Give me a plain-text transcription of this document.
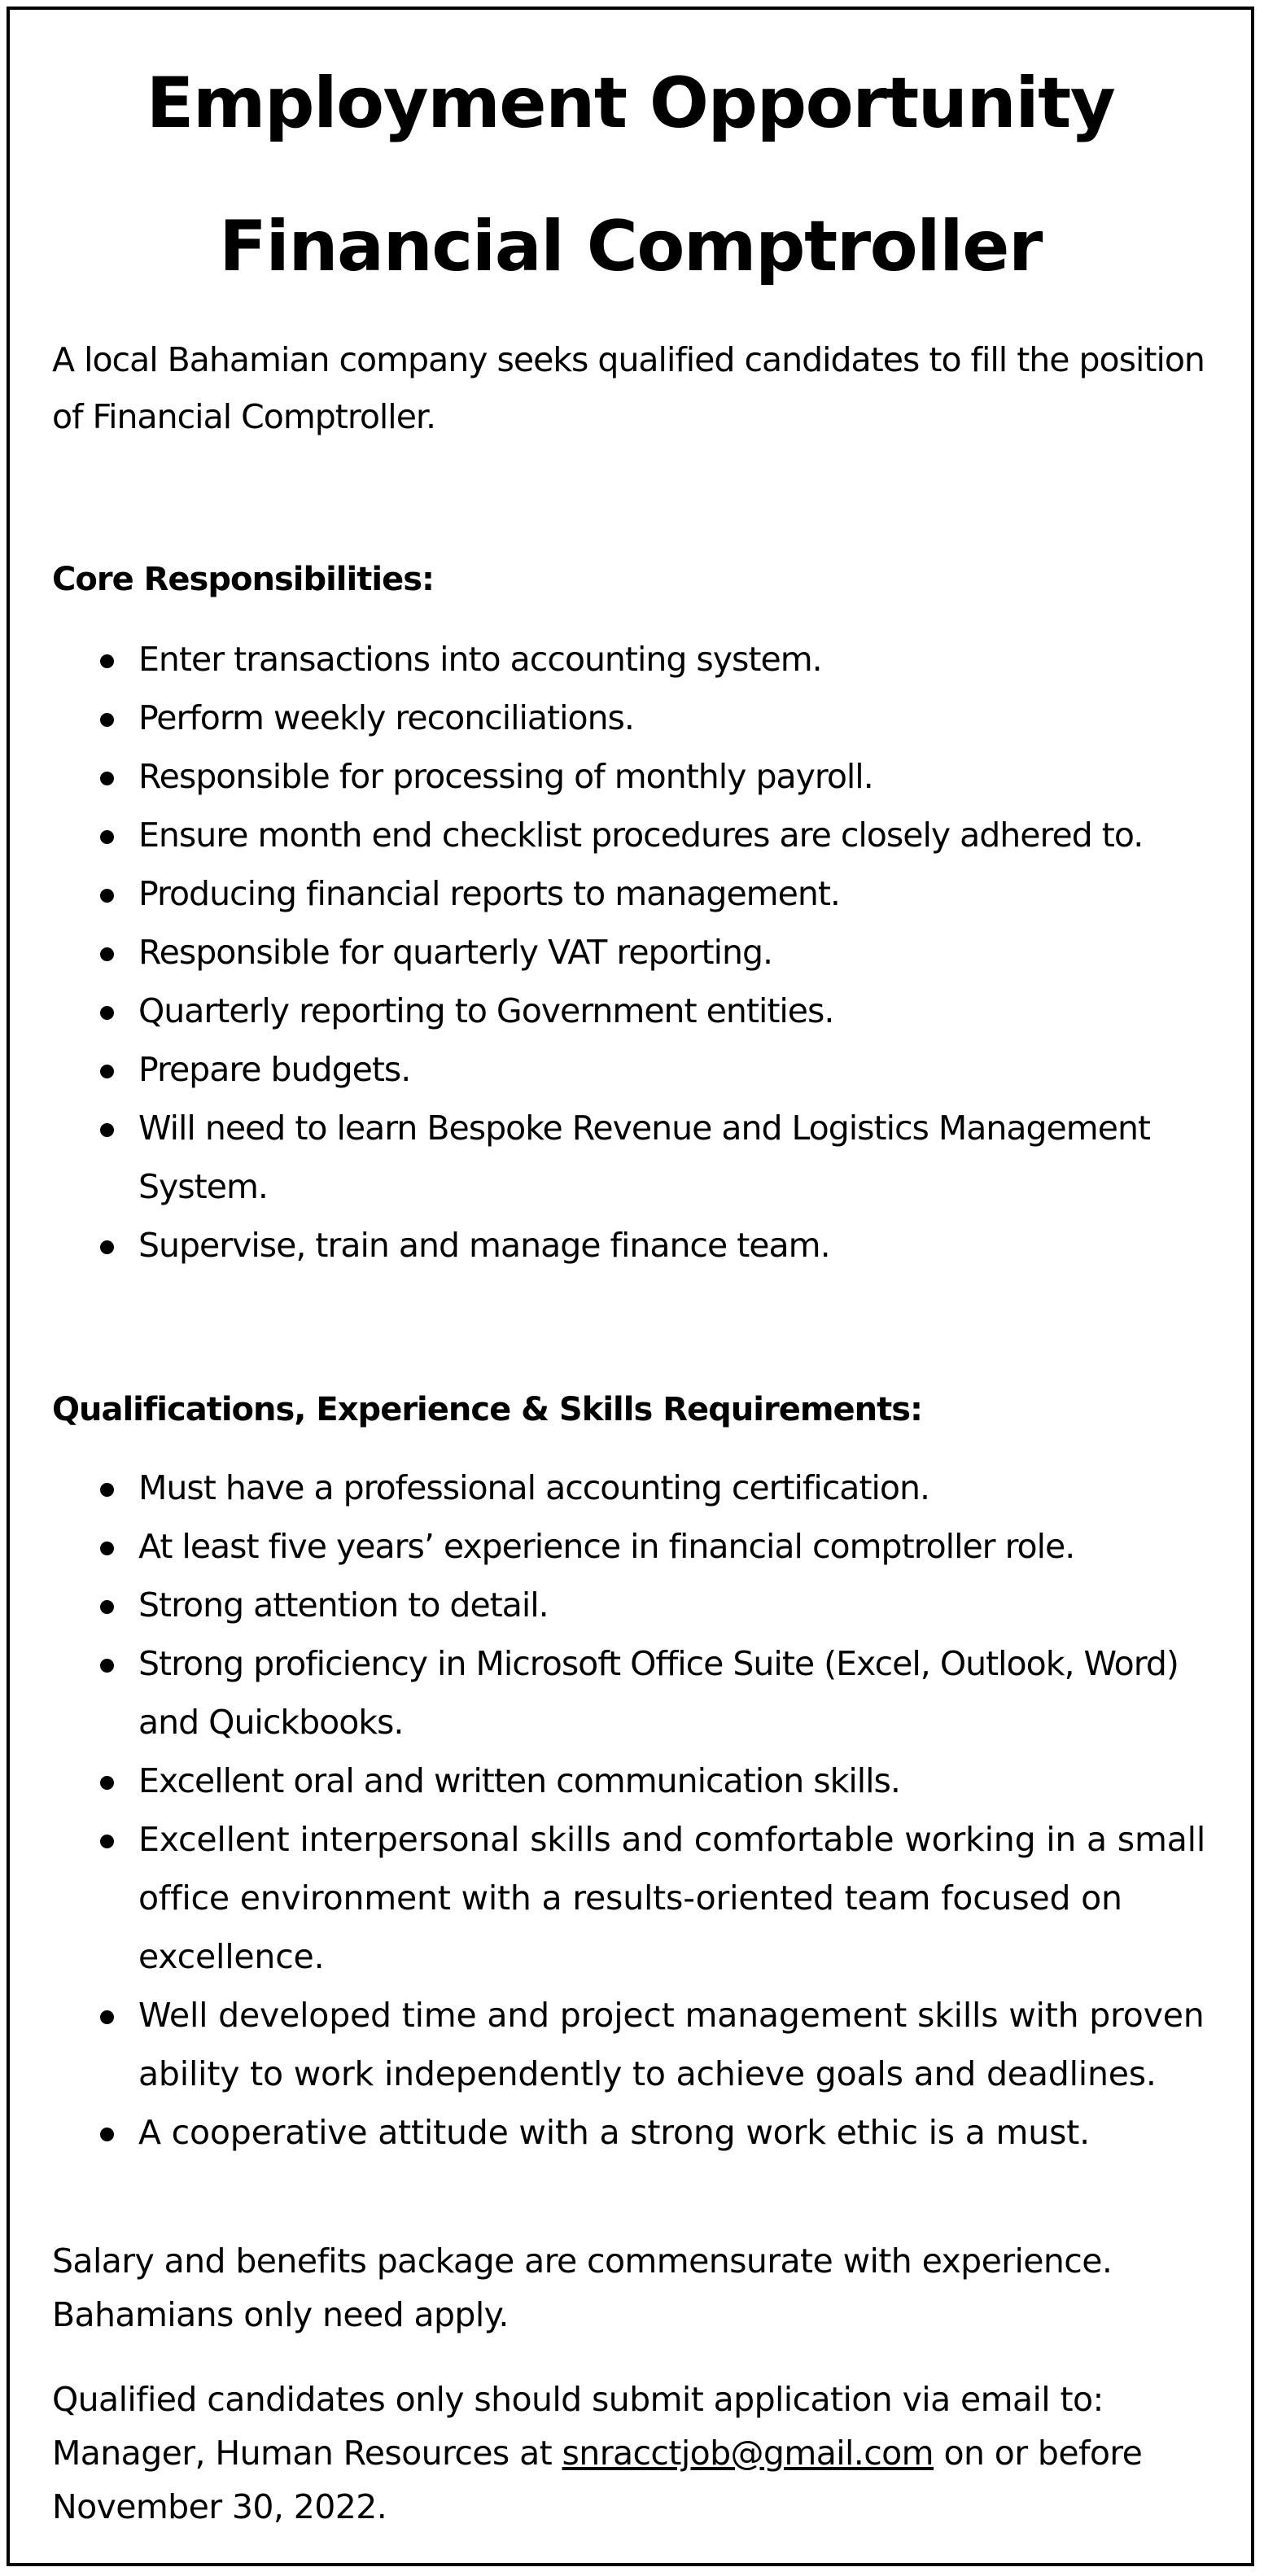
Employment Opportunity
Financial Comptroller
A local Bahamian company seeks qualified candidates to fill the position of Financial Comptroller.
Core Responsibilities:
Enter transactions into accounting system.
Perform weekly reconciliations.
Responsible for processing of monthly payroll.
Ensure month end checklist procedures are closely adhered to.
Producing financial reports to management.
Responsible for quarterly VAT reporting.
Quarterly reporting to Government entities.
Prepare budgets.
Will need to learn Bespoke Revenue and Logistics Management System.
Supervise, train and manage finance team.
Qualifications, Experience & Skills Requirements:
Must have a professional accounting certification.
At least five years’ experience in financial comptroller role.
Strong attention to detail.
Strong proficiency in Microsoft Office Suite (Excel, Outlook, Word) and Quickbooks.
Excellent oral and written communication skills.
Excellent interpersonal skills and comfortable working in a small office environment with a results-oriented team focused on excellence.
Well developed time and project management skills with proven ability to work independently to achieve goals and deadlines.
A cooperative attitude with a strong work ethic is a must.
Salary and benefits package are commensurate with experience.
Bahamians only need apply.
Qualified candidates only should submit application via email to:
Manager, Human Resources at snracctjob@gmail.com on or before
November 30, 2022.
